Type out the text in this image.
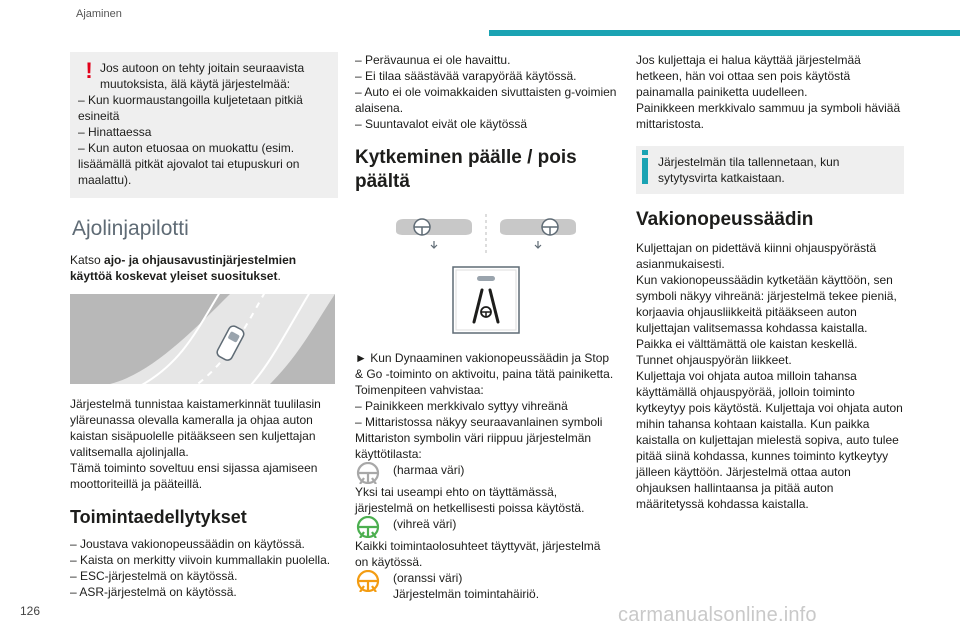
Ajaminen
! Jos autoon on tehty joitain seuraavista muutoksista, älä käytä järjestelmää:

– Kun kuormaustangoilla kuljetetaan pitkiä esineitä
– Hinattaessa
– Kun auton etuosaa on muokattu (esim. lisäämällä pitkät ajovalot tai etupuskuri on maalattu).
Ajolinjapilotti

Katso ajo- ja ohjausavustinjärjestelmien käyttöä koskevat yleiset suositukset.

Järjestelmä tunnistaa kaistamerkinnät tuulilasin yläreunassa olevalla kameralla ja ohjaa auton kaistan sisäpuolelle pitääkseen sen kuljettajan valitsemalla ajolinjalla.

Tämä toiminto soveltuu ensi sijassa ajamiseen moottoriteillä ja pääteillä.

Toimintaedellytykset
– Joustava vakionopeussäädin on käytössä.
– Kaista on merkitty viivoin kummallakin puolella.
– ESC-järjestelmä on käytössä.
– ASR-järjestelmä on käytössä.
– Perävaunua ei ole havaittu.
– Ei tilaa säästävää varapyörää käytössä.
– Auto ei ole voimakkaiden sivuttaisten g-voimien alaisena.
– Suuntavalot eivät ole käytössä
Kytkeminen päälle / pois päältä

► Kun Dynaaminen vakionopeussäädin ja Stop & Go -toiminto on aktivoitu, paina tätä painiketta.

Toimenpiteen vahvistaa:

– Painikkeen merkkivalo syttyy vihreänä

– Mittaristossa näkyy seuraavanlainen symboli

Mittariston symbolin väri riippuu järjestelmän käyttötilasta:

(harmaa väri)

Yksi tai useampi ehto on täyttämässä, järjestelmä on hetkellisesti poissa käytöstä.

(vihreä väri)

Kaikki toimintaolosuhteet täyttyvät, järjestelmä on käytössä.

(oranssi väri)

Järjestelmän toimintahäiriö.

Jos kuljettaja ei halua käyttää järjestelmää hetkeen, hän voi ottaa sen pois käytöstä painamalla painiketta uudelleen.

Painikkeen merkkivalo sammuu ja symboli häviää mittaristosta.

Järjestelmän tila tallennetaan, kun sytytysvirta katkaistaan.

Vakionopeussäädin

Kuljettajan on pidettävä kiinni ohjauspyörästä asianmukaisesti.

Kun vakionopeussäädin kytketään käyttöön, sen symboli näkyy vihreänä: järjestelmä tekee pieniä, korjaavia ohjausliikkeitä pitääkseen auton kuljettajan valitsemassa kohdassa kaistalla.

Paikka ei välttämättä ole kaistan keskellä.

Tunnet ohjauspyörän liikkeet.

Kuljettaja voi ohjata autoa milloin tahansa käyttämällä ohjauspyörää, jolloin toiminto kytkeytyy pois käytöstä. Kuljettaja voi ohjata auton mihin tahansa kohtaan kaistalla. Kun paikka kaistalla on kuljettajan mielestä sopiva, auto tulee pitää siinä kohdassa, kunnes toiminto kytkeytyy jälleen käyttöön. Järjestelmä ottaa auton ohjauksen hallintaansa ja pitää auton määritetyssä kohdassa kaistalla.

126	carmanualsonline.info
